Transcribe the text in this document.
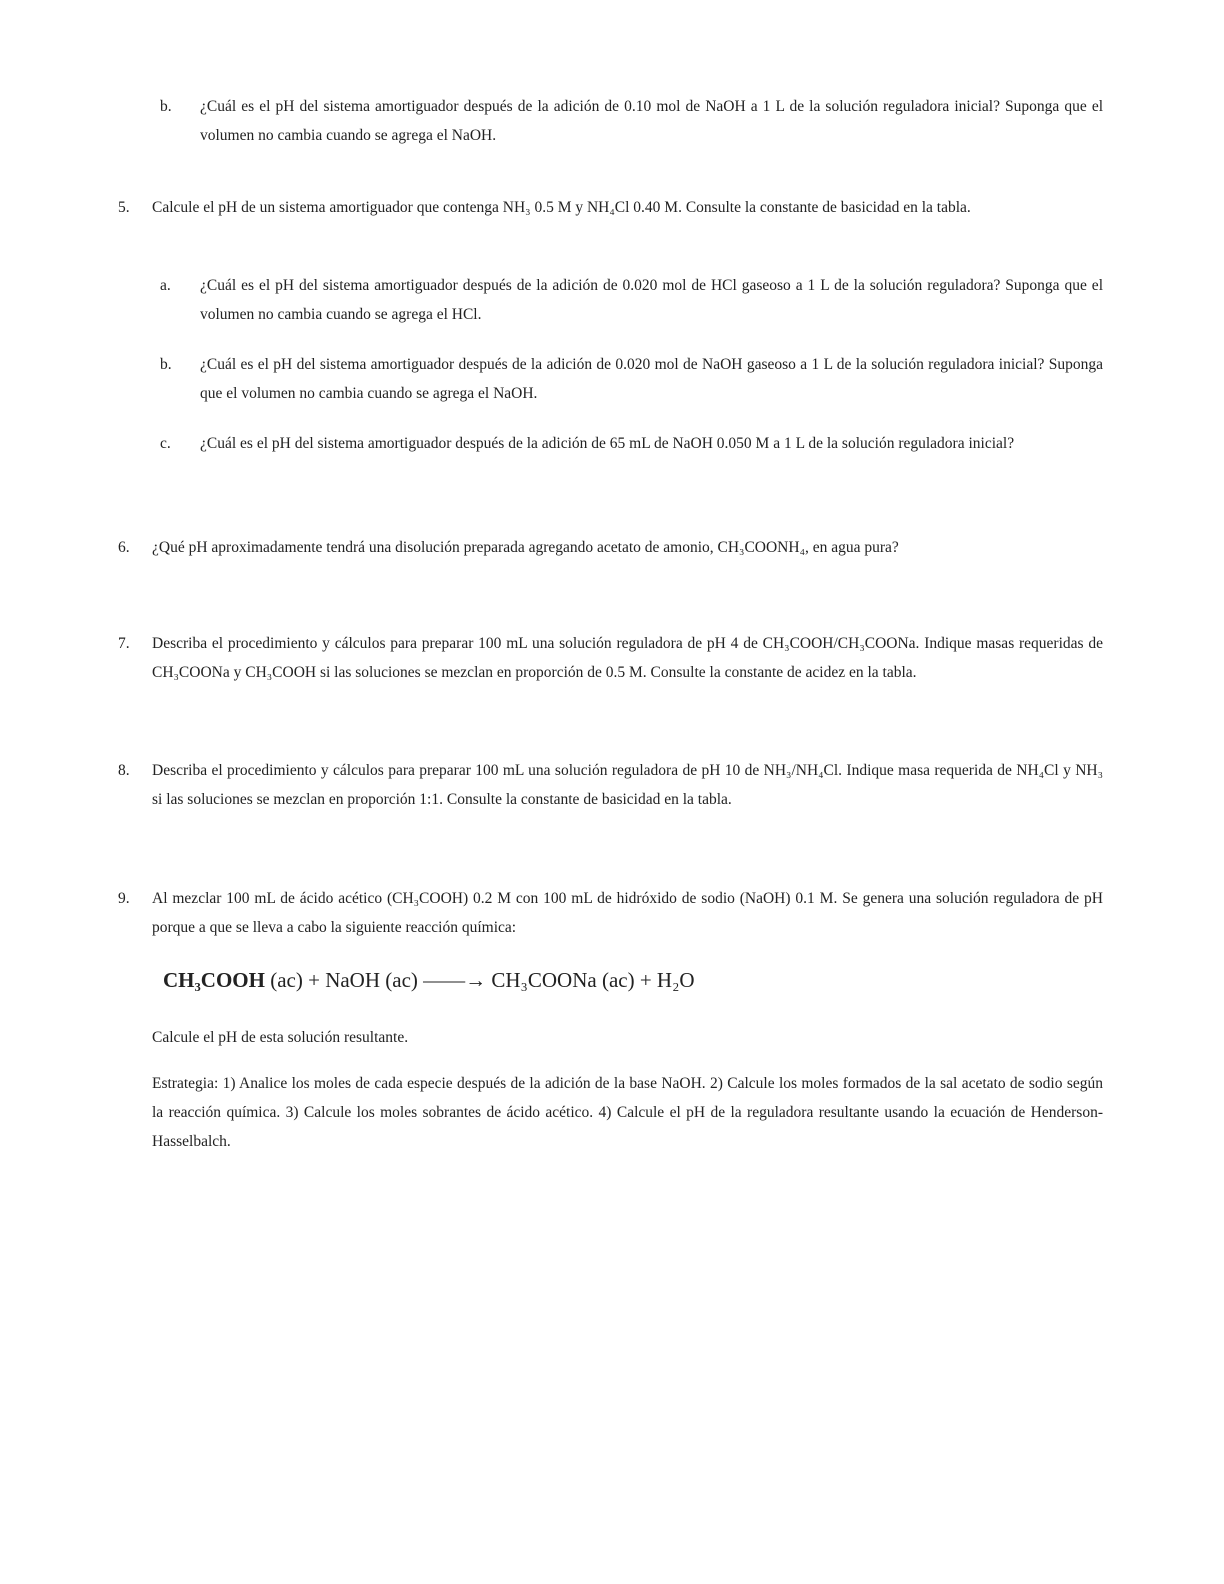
b.	¿Cuál es el pH del sistema amortiguador después de la adición de 0.10 mol de NaOH a 1 L de la solución reguladora inicial? Suponga que el volumen no cambia cuando se agrega el NaOH.
5.	Calcule el pH de un sistema amortiguador que contenga NH₃ 0.5 M y NH₄Cl 0.40 M. Consulte la constante de basicidad en la tabla.
a.	¿Cuál es el pH del sistema amortiguador después de la adición de 0.020 mol de HCl gaseoso a 1 L de la solución reguladora? Suponga que el volumen no cambia cuando se agrega el HCl.
b.	¿Cuál es el pH del sistema amortiguador después de la adición de 0.020 mol de NaOH gaseoso a 1 L de la solución reguladora inicial? Suponga que el volumen no cambia cuando se agrega el NaOH.
c.	¿Cuál es el pH del sistema amortiguador después de la adición de 65 mL de NaOH 0.050 M a 1 L de la solución reguladora inicial?
6.	¿Qué pH aproximadamente tendrá una disolución preparada agregando acetato de amonio, CH₃COONH₄, en agua pura?
7.	Describa el procedimiento y cálculos para preparar 100 mL una solución reguladora de pH 4 de CH₃COOH/CH₃COONa. Indique masas requeridas de CH₃COONa y CH₃COOH si las soluciones se mezclan en proporción de 0.5 M. Consulte la constante de acidez en la tabla.
8.	Describa el procedimiento y cálculos para preparar 100 mL una solución reguladora de pH 10 de NH₃/NH₄Cl. Indique masa requerida de NH₄Cl y NH₃ si las soluciones se mezclan en proporción 1:1. Consulte la constante de basicidad en la tabla.
9.	Al mezclar 100 mL de ácido acético (CH₃COOH) 0.2 M con 100 mL de hidróxido de sodio (NaOH) 0.1 M. Se genera una solución reguladora de pH porque a que se lleva a cabo la siguiente reacción química:
CH₃COOH (ac) + NaOH (ac) ——→ CH₃COONa (ac) + H₂O
Calcule el pH de esta solución resultante.
Estrategia: 1) Analice los moles de cada especie después de la adición de la base NaOH. 2) Calcule los moles formados de la sal acetato de sodio según la reacción química. 3) Calcule los moles sobrantes de ácido acético. 4) Calcule el pH de la reguladora resultante usando la ecuación de Henderson-Hasselbalch.
